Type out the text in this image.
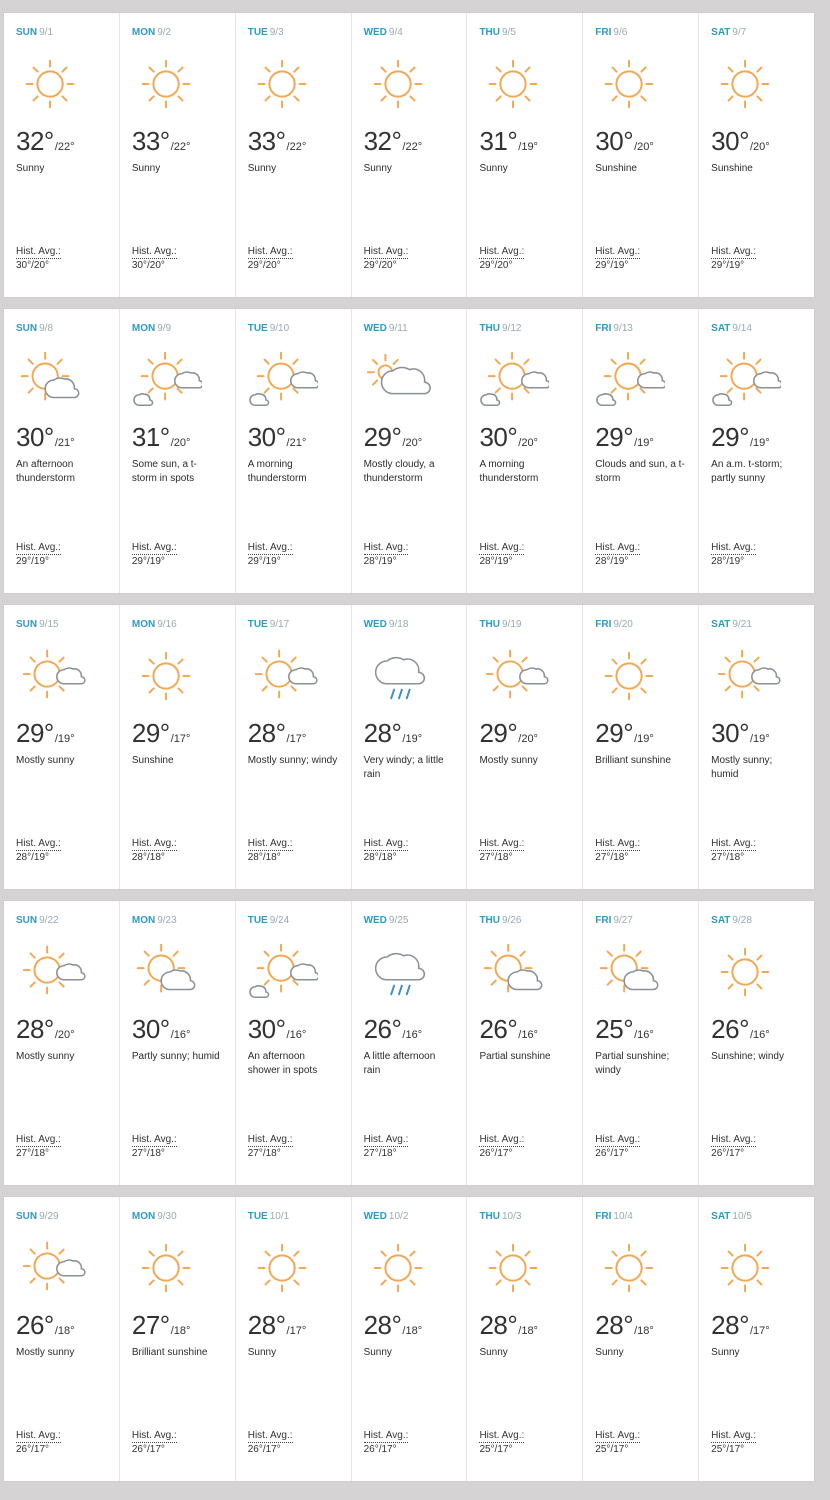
SUN 9/1
32°/22°
Sunny
Hist. Avg.:
30°/20°
MON 9/2
33°/22°
Sunny
Hist. Avg.:
30°/20°
TUE 9/3
33°/22°
Sunny
Hist. Avg.:
29°/20°
WED 9/4
32°/22°
Sunny
Hist. Avg.:
29°/20°
THU 9/5
31°/19°
Sunny
Hist. Avg.:
29°/20°
FRI 9/6
30°/20°
Sunshine
Hist. Avg.:
29°/19°
SAT 9/7
30°/20°
Sunshine
Hist. Avg.:
29°/19°
SUN 9/8
30°/21°
An afternoon thunderstorm
Hist. Avg.:
29°/19°
MON 9/9
31°/20°
Some sun, a t-storm in spots
Hist. Avg.:
29°/19°
TUE 9/10
30°/21°
A morning thunderstorm
Hist. Avg.:
29°/19°
WED 9/11
29°/20°
Mostly cloudy, a thunderstorm
Hist. Avg.:
28°/19°
THU 9/12
30°/20°
A morning thunderstorm
Hist. Avg.:
28°/19°
FRI 9/13
29°/19°
Clouds and sun, a t-storm
Hist. Avg.:
28°/19°
SAT 9/14
29°/19°
An a.m. t-storm; partly sunny
Hist. Avg.:
28°/19°
SUN 9/15
29°/19°
Mostly sunny
Hist. Avg.:
28°/19°
MON 9/16
29°/17°
Sunshine
Hist. Avg.:
28°/18°
TUE 9/17
28°/17°
Mostly sunny; windy
Hist. Avg.:
28°/18°
WED 9/18
28°/19°
Very windy; a little rain
Hist. Avg.:
28°/18°
THU 9/19
29°/20°
Mostly sunny
Hist. Avg.:
27°/18°
FRI 9/20
29°/19°
Brilliant sunshine
Hist. Avg.:
27°/18°
SAT 9/21
30°/19°
Mostly sunny; humid
Hist. Avg.:
27°/18°
SUN 9/22
28°/20°
Mostly sunny
Hist. Avg.:
27°/18°
MON 9/23
30°/16°
Partly sunny; humid
Hist. Avg.:
27°/18°
TUE 9/24
30°/16°
An afternoon shower in spots
Hist. Avg.:
27°/18°
WED 9/25
26°/16°
A little afternoon rain
Hist. Avg.:
27°/18°
THU 9/26
26°/16°
Partial sunshine
Hist. Avg.:
26°/17°
FRI 9/27
25°/16°
Partial sunshine; windy
Hist. Avg.:
26°/17°
SAT 9/28
26°/16°
Sunshine; windy
Hist. Avg.:
26°/17°
SUN 9/29
26°/18°
Mostly sunny
Hist. Avg.:
26°/17°
MON 9/30
27°/18°
Brilliant sunshine
Hist. Avg.:
26°/17°
TUE 10/1
28°/17°
Sunny
Hist. Avg.:
26°/17°
WED 10/2
28°/18°
Sunny
Hist. Avg.:
26°/17°
THU 10/3
28°/18°
Sunny
Hist. Avg.:
25°/17°
FRI 10/4
28°/18°
Sunny
Hist. Avg.:
25°/17°
SAT 10/5
28°/17°
Sunny
Hist. Avg.:
25°/17°
